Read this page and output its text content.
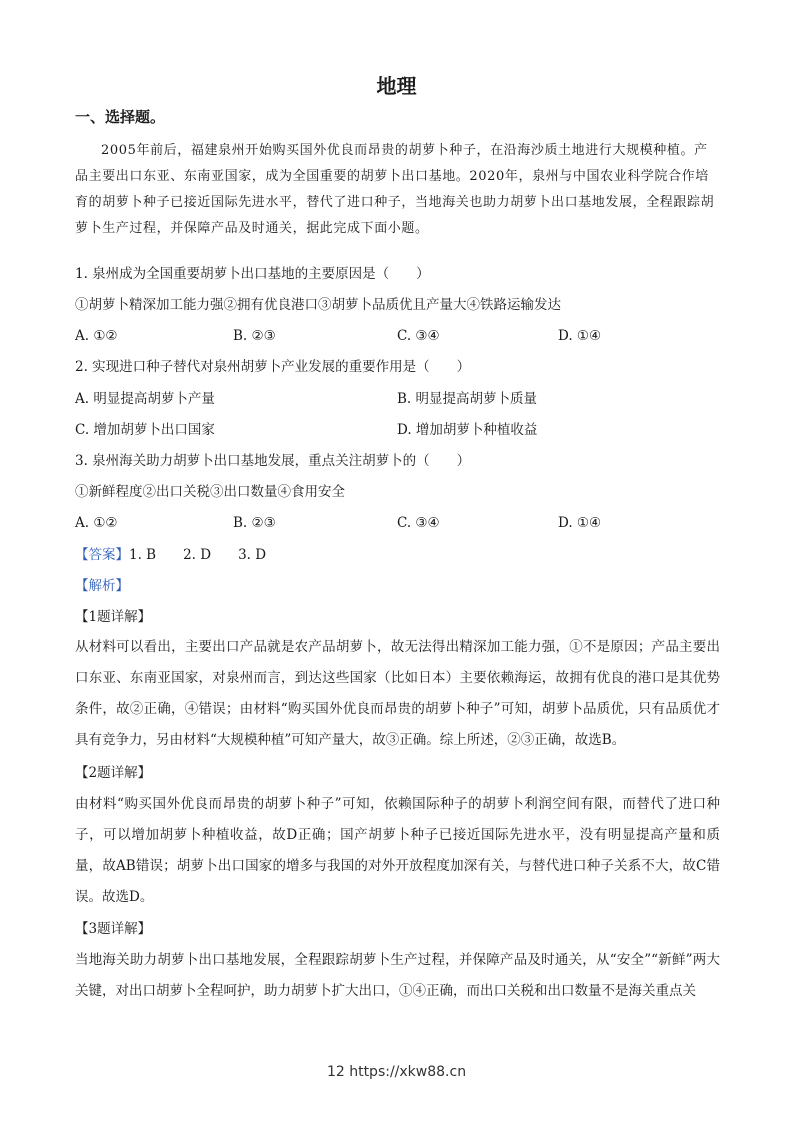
地理
一、选择题。
2005年前后，福建泉州开始购买国外优良而昂贵的胡萝卜种子，在沿海沙质土地进行大规模种植。产品主要出口东亚、东南亚国家，成为全国重要的胡萝卜出口基地。2020年，泉州与中国农业科学院合作培育的胡萝卜种子已接近国际先进水平，替代了进口种子，当地海关也助力胡萝卜出口基地发展，全程跟踪胡萝卜生产过程，并保障产品及时通关，据此完成下面小题。
1. 泉州成为全国重要胡萝卜出口基地的主要原因是（　　）
①胡萝卜精深加工能力强②拥有优良港口③胡萝卜品质优且产量大④铁路运输发达
A. ①②	B. ②③	C. ③④	D. ①④
2. 实现进口种子替代对泉州胡萝卜产业发展的重要作用是（　　）
A. 明显提高胡萝卜产量	B. 明显提高胡萝卜质量
C. 增加胡萝卜出口国家	D. 增加胡萝卜种植收益
3. 泉州海关助力胡萝卜出口基地发展，重点关注胡萝卜的（　　）
①新鲜程度②出口关税③出口数量④食用安全
A. ①②	B. ②③	C. ③④	D. ①④
【答案】1. B　　2. D　　3. D
【解析】
【1题详解】
从材料可以看出，主要出口产品就是农产品胡萝卜，故无法得出精深加工能力强，①不是原因；产品主要出口东亚、东南亚国家，对泉州而言，到达这些国家（比如日本）主要依赖海运，故拥有优良的港口是其优势条件，故②正确，④错误；由材料“购买国外优良而昂贵的胡萝卜种子”可知，胡萝卜品质优，只有品质优才具有竞争力，另由材料“大规模种植”可知产量大，故③正确。综上所述，②③正确，故选B。
【2题详解】
由材料“购买国外优良而昂贵的胡萝卜种子”可知，依赖国际种子的胡萝卜利润空间有限，而替代了进口种子，可以增加胡萝卜种植收益，故D正确；国产胡萝卜种子已接近国际先进水平，没有明显提高产量和质量，故AB错误；胡萝卜出口国家的增多与我国的对外开放程度加深有关，与替代进口种子关系不大，故C错误。故选D。
【3题详解】
当地海关助力胡萝卜出口基地发展，全程跟踪胡萝卜生产过程，并保障产品及时通关，从“安全”“新鲜”两大关键，对出口胡萝卜全程呵护，助力胡萝卜扩大出口，①④正确，而出口关税和出口数量不是海关重点关
12 https://xkw88.cn
